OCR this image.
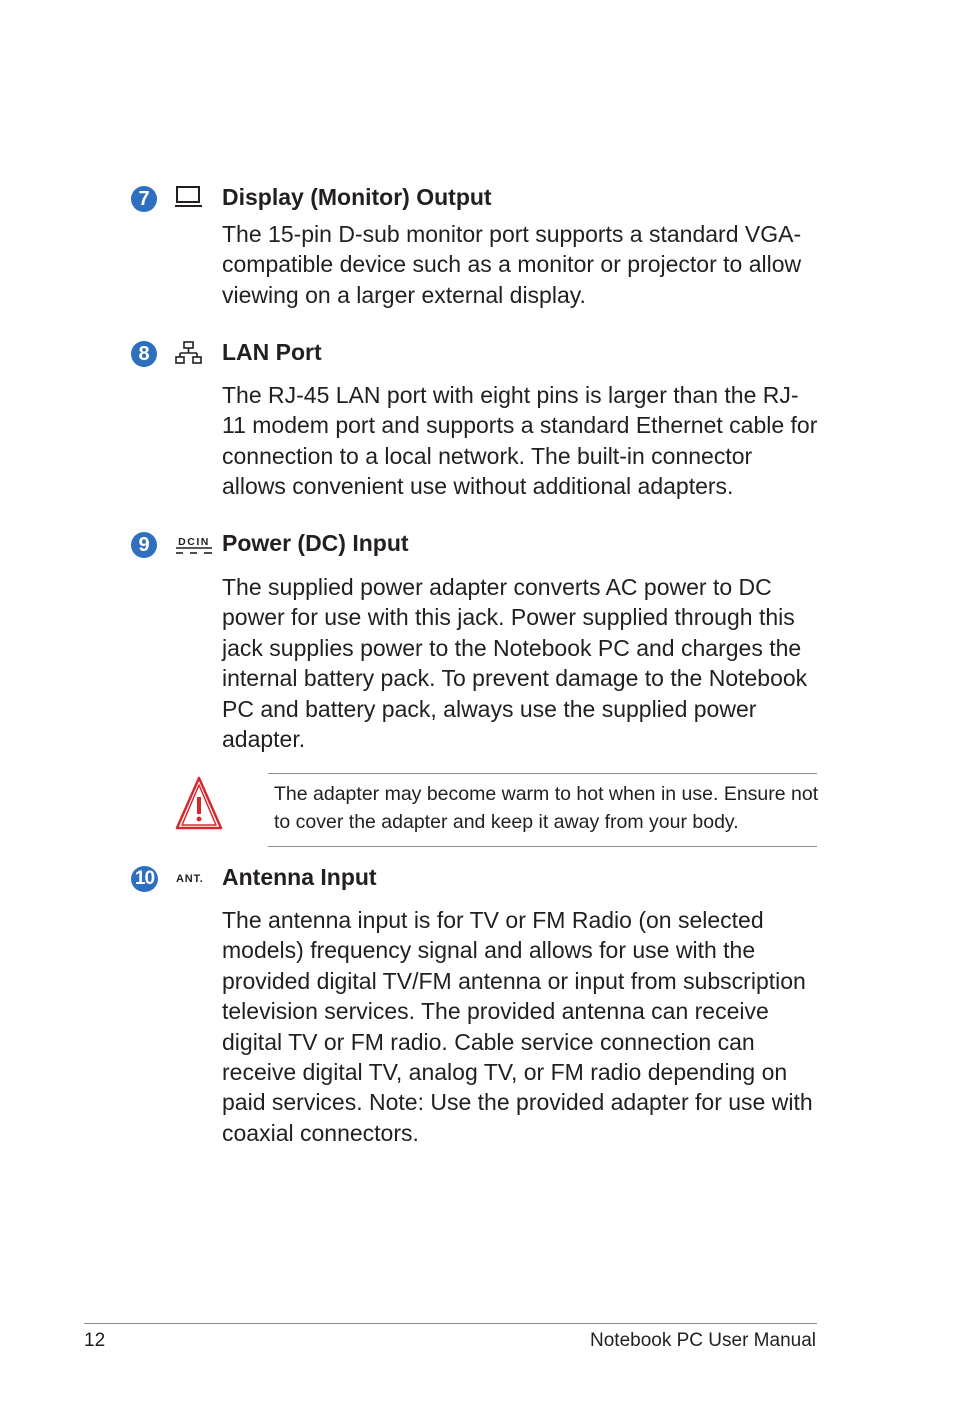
7	Display (Monitor) Output

The 15-pin D-sub monitor port supports a standard VGA-compatible device such as a monitor or projector to allow viewing on a larger external display.

8	LAN Port

The RJ-45 LAN port with eight pins is larger than the RJ-11 modem port and supports a standard Ethernet cable for connection to a local network. The built-in connector allows convenient use without additional adapters.

9	DCIN Power (DC) Input

The supplied power adapter converts AC power to DC power for use with this jack. Power supplied through this jack supplies power to the Notebook PC and charges the internal battery pack. To prevent damage to the Notebook PC and battery pack, always use the supplied power adapter.

The adapter may become warm to hot when in use. Ensure not to cover the adapter and keep it away from your body.

10	ANT. Antenna Input

The antenna input is for TV or FM Radio (on selected models) frequency signal and allows for use with the provided digital TV/FM antenna or input from subscription television services. The provided antenna can receive digital TV or FM radio. Cable service connection can receive digital TV, analog TV, or FM radio depending on paid services. Note: Use the provided adapter for use with coaxial connectors.

12	Notebook PC User Manual
